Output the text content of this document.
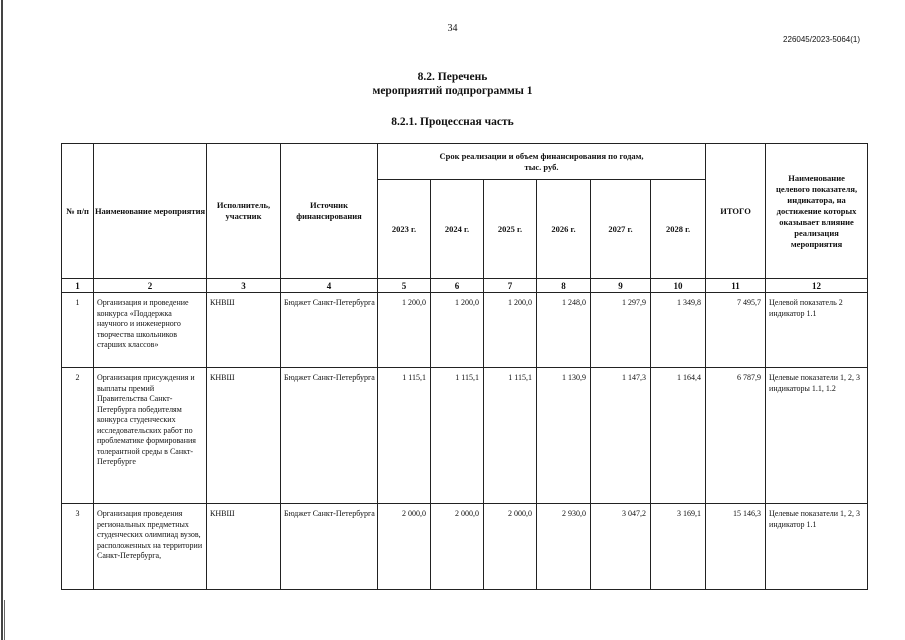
34
226045/2023-5064(1)
8.2. Перечень
мероприятий подпрограммы 1
8.2.1. Процессная часть
№ п/п	Наименование мероприятия	Исполнитель, участник	Источник финансирования	Срок реализации и объем финансирования по годам, тыс. руб.						ИТОГО	Наименование целевого показателя, индикатора, на достижение которых оказывает влияние реализация мероприятия
				2023 г.	2024 г.	2025 г.	2026 г.	2027 г.	2028 г.		
1	2	3	4	5	6	7	8	9	10	11	12
1	Организация и проведение конкурса «Поддержка научного и инженерного творчества школьников старших классов»	КНВШ	Бюджет Санкт-Петербурга	1 200,0	1 200,0	1 200,0	1 248,0	1 297,9	1 349,8	7 495,7	Целевой показатель 2 индикатор 1.1
2	Организация присуждения и выплаты премий Правительства Санкт-Петербурга победителям конкурса студенческих исследовательских работ по проблематике формирования толерантной среды в Санкт-Петербурге	КНВШ	Бюджет Санкт-Петербурга	1 115,1	1 115,1	1 115,1	1 130,9	1 147,3	1 164,4	6 787,9	Целевые показатели 1, 2, 3 индикаторы 1.1, 1.2
3	Организация проведения региональных предметных студенческих олимпиад вузов, расположенных на территории Санкт-Петербурга,	КНВШ	Бюджет Санкт-Петербурга	2 000,0	2 000,0	2 000,0	2 930,0	3 047,2	3 169,1	15 146,3	Целевые показатели 1, 2, 3 индикатор 1.1
